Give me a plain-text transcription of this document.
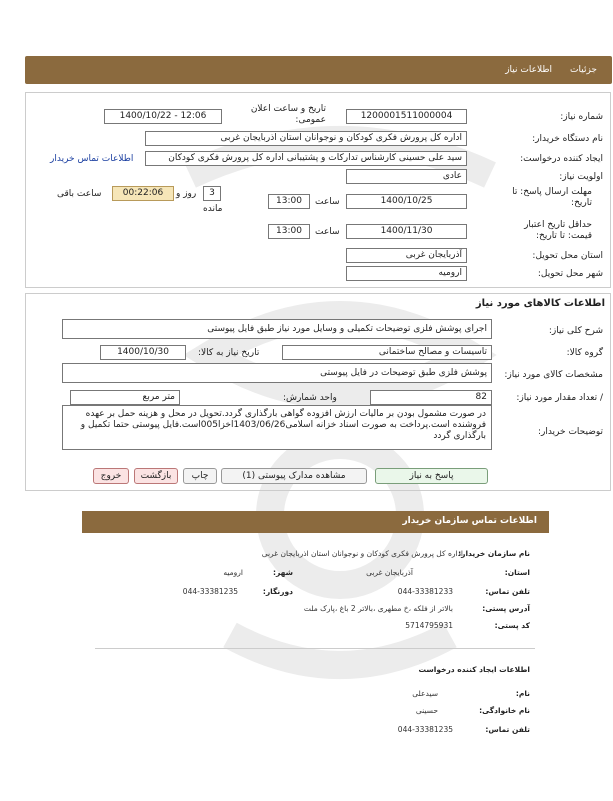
جزئیات
اطلاعات نیاز
شماره نیاز:
1200001511000004
تاریخ و ساعت اعلان عمومی:
1400/10/22 - 12:06
نام دستگاه خریدار:
اداره کل پرورش فکری کودکان و نوجوانان استان اذربایجان غربی
ایجاد کننده درخواست:
سید علی حسینی کارشناس تدارکات و پشتیبانی اداره کل پرورش فکری کودکان
اطلاعات تماس خریدار
اولویت نیاز:
عادی
مهلت ارسال پاسخ: تا تاریخ:
1400/10/25
ساعت
13:00
3
روز و
مانده
00:22:06
ساعت باقی
حداقل تاریخ اعتبار قیمت: تا تاریخ:
1400/11/30
ساعت
13:00
استان محل تحویل:
آذربایجان غربی
شهر محل تحویل:
ارومیه
اطلاعات کالاهای مورد نیاز
شرح کلی نیاز:
اجرای پوشش فلزی توضیحات تکمیلی و وسایل مورد نیاز طبق فایل پیوستی
گروه کالا:
تاسیسات و مصالح ساختمانی
تاریخ نیاز به کالا:
1400/10/30
مشخصات کالای مورد نیاز:
پوشش فلزی طبق توضیحات در فایل پیوستی
/ تعداد مقدار مورد نیاز:
82
واحد شمارش:
متر مربع
توضیحات خریدار:
در صورت مشمول بودن بر مالیات ارزش افزوده گواهی بارگذاری گردد.تحویل در محل و هزینه حمل بر عهده فروشنده است.پرداخت به صورت اسناد خزانه اسلامی1403/06/26اخزا005است.فایل پیوستی حتما تکمیل و بارگذاری گردد
پاسخ به نیاز
مشاهده مدارک پیوستی (1)
چاپ
بازگشت
خروج
اطلاعات تماس سازمان خریدار
نام سازمان خریدار:
اداره کل پرورش فکری کودکان و نوجوانان استان اذربایجان غربی
استان:
آذربایجان غربی
شهر:
ارومیه
تلفن تماس:
044-33381233
دورنگار:
044-33381235
آدرس پستی:
بالاتر از فلکه ،خ مطهری ،بالاتر 2 باغ ،پارک ملت
کد پستی:
5714795931
اطلاعات ایجاد کننده درخواست
نام:
سیدعلی
نام خانوادگی:
حسینی
تلفن تماس:
044-33381235
